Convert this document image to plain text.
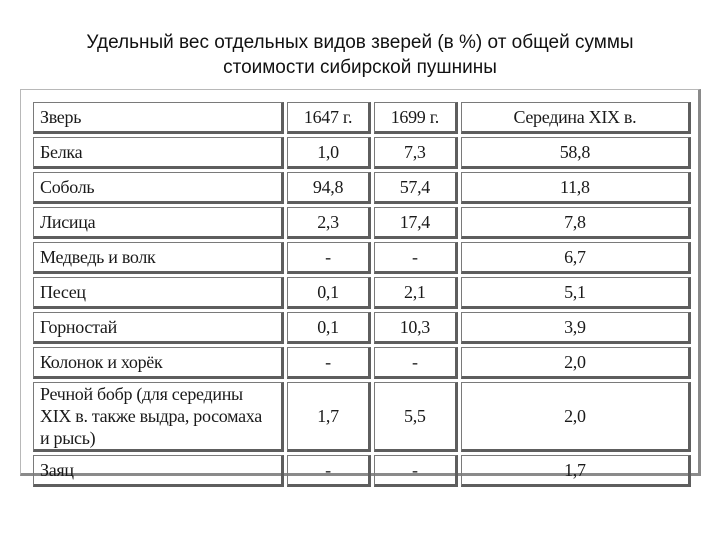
Удельный вес отдельных видов зверей (в %) от общей суммы
стоимости сибирской пушнины
Зверь	1647 г.	1699 г.	Середина XIX в.
Белка	1,0	7,3	58,8
Соболь	94,8	57,4	11,8
Лисица	2,3	17,4	7,8
Медведь и волк	-	-	6,7
Песец	0,1	2,1	5,1
Горностай	0,1	10,3	3,9
Колонок и хорёк	-	-	2,0
Речной бобр (для середины XIX в. также выдра, росомаха и рысь)	1,7	5,5	2,0
Заяц	-	-	1,7
